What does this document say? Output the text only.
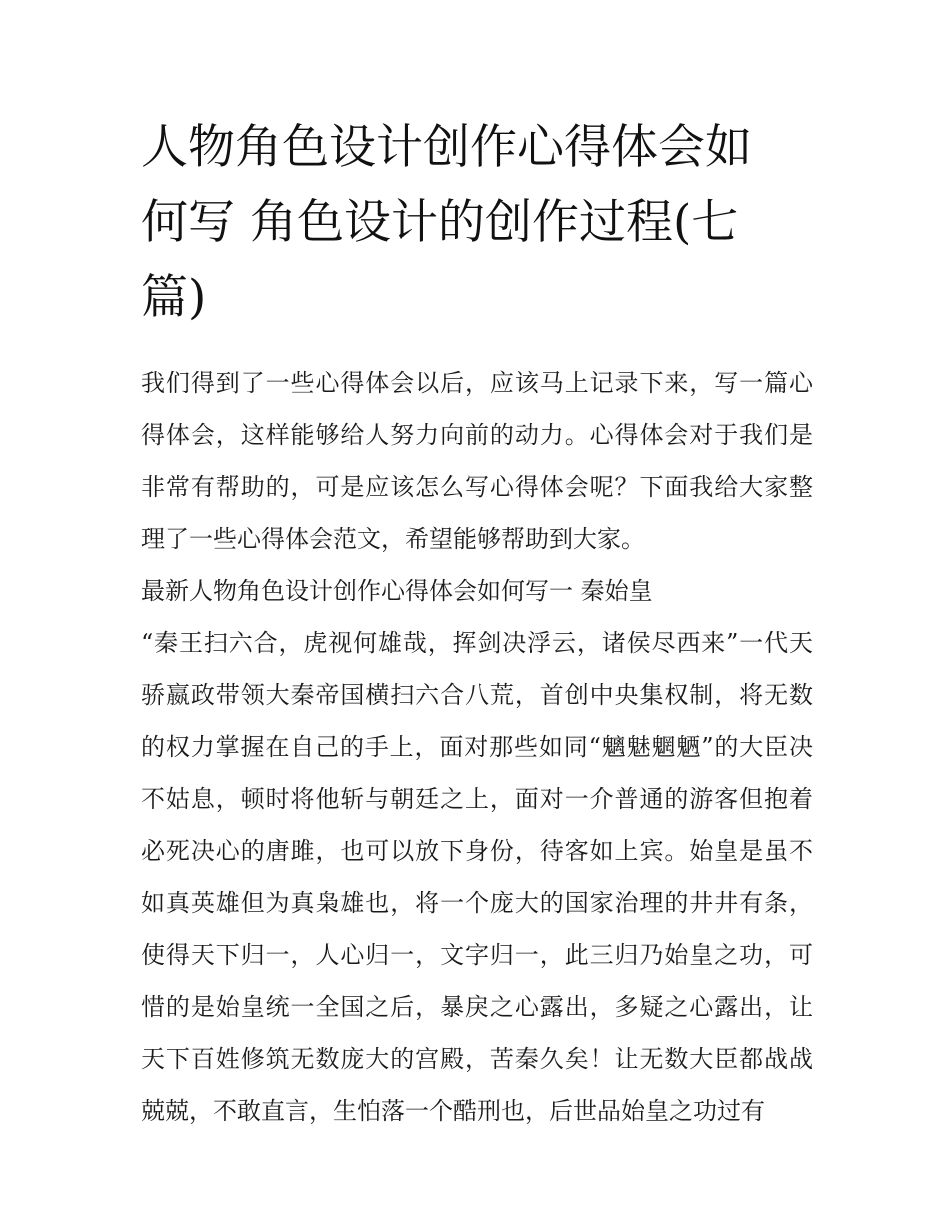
人物角色设计创作心得体会如
何写 角色设计的创作过程(七
篇)

我们得到了一些心得体会以后，应该马上记录下来，写一篇心
得体会，这样能够给人努力向前的动力。心得体会对于我们是
非常有帮助的，可是应该怎么写心得体会呢？下面我给大家整
理了一些心得体会范文，希望能够帮助到大家。

最新人物角色设计创作心得体会如何写一 秦始皇

“秦王扫六合，虎视何雄哉，挥剑决浮云，诸侯尽西来”一代天
骄嬴政带领大秦帝国横扫六合八荒，首创中央集权制，将无数
的权力掌握在自己的手上，面对那些如同“魑魅魍魉”的大臣决
不姑息，顿时将他斩与朝廷之上，面对一介普通的游客但抱着
必死决心的唐雎，也可以放下身份，待客如上宾。始皇是虽不
如真英雄但为真枭雄也，将一个庞大的国家治理的井井有条，
使得天下归一，人心归一，文字归一，此三归乃始皇之功，可
惜的是始皇统一全国之后，暴戾之心露出，多疑之心露出，让
天下百姓修筑无数庞大的宫殿，苦秦久矣！让无数大臣都战战
兢兢，不敢直言，生怕落一个酷刑也，后世品始皇之功过有
